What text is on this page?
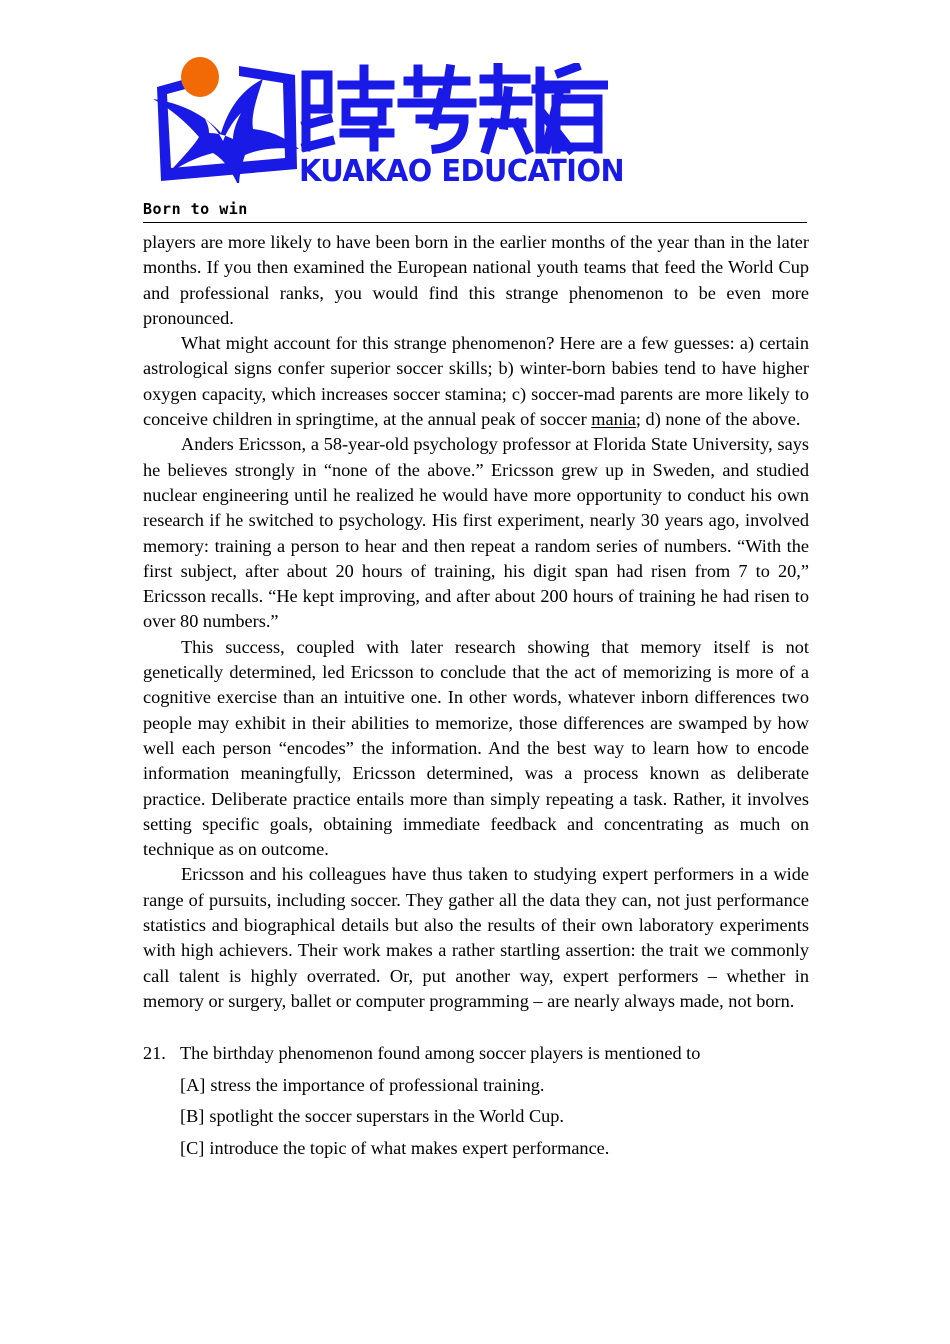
KUAKAO EDUCATION
Born to win

players are more likely to have been born in the earlier months of the year than in the later months. If you then examined the European national youth teams that feed the World Cup and professional ranks, you would find this strange phenomenon to be even more pronounced.

What might account for this strange phenomenon? Here are a few guesses: a) certain astrological signs confer superior soccer skills; b) winter-born babies tend to have higher oxygen capacity, which increases soccer stamina; c) soccer-mad parents are more likely to conceive children in springtime, at the annual peak of soccer mania; d) none of the above.

Anders Ericsson, a 58-year-old psychology professor at Florida State University, says he believes strongly in “none of the above.” Ericsson grew up in Sweden, and studied nuclear engineering until he realized he would have more opportunity to conduct his own research if he switched to psychology. His first experiment, nearly 30 years ago, involved memory: training a person to hear and then repeat a random series of numbers. “With the first subject, after about 20 hours of training, his digit span had risen from 7 to 20,” Ericsson recalls. “He kept improving, and after about 200 hours of training he had risen to over 80 numbers.”

This success, coupled with later research showing that memory itself is not genetically determined, led Ericsson to conclude that the act of memorizing is more of a cognitive exercise than an intuitive one. In other words, whatever inborn differences two people may exhibit in their abilities to memorize, those differences are swamped by how well each person “encodes” the information. And the best way to learn how to encode information meaningfully, Ericsson determined, was a process known as deliberate practice. Deliberate practice entails more than simply repeating a task. Rather, it involves setting specific goals, obtaining immediate feedback and concentrating as much on technique as on outcome.

Ericsson and his colleagues have thus taken to studying expert performers in a wide range of pursuits, including soccer. They gather all the data they can, not just performance statistics and biographical details but also the results of their own laboratory experiments with high achievers. Their work makes a rather startling assertion: the trait we commonly call talent is highly overrated. Or, put another way, expert performers – whether in memory or surgery, ballet or computer programming – are nearly always made, not born.

21. The birthday phenomenon found among soccer players is mentioned to
[A] stress the importance of professional training.
[B] spotlight the soccer superstars in the World Cup.
[C] introduce the topic of what makes expert performance.
